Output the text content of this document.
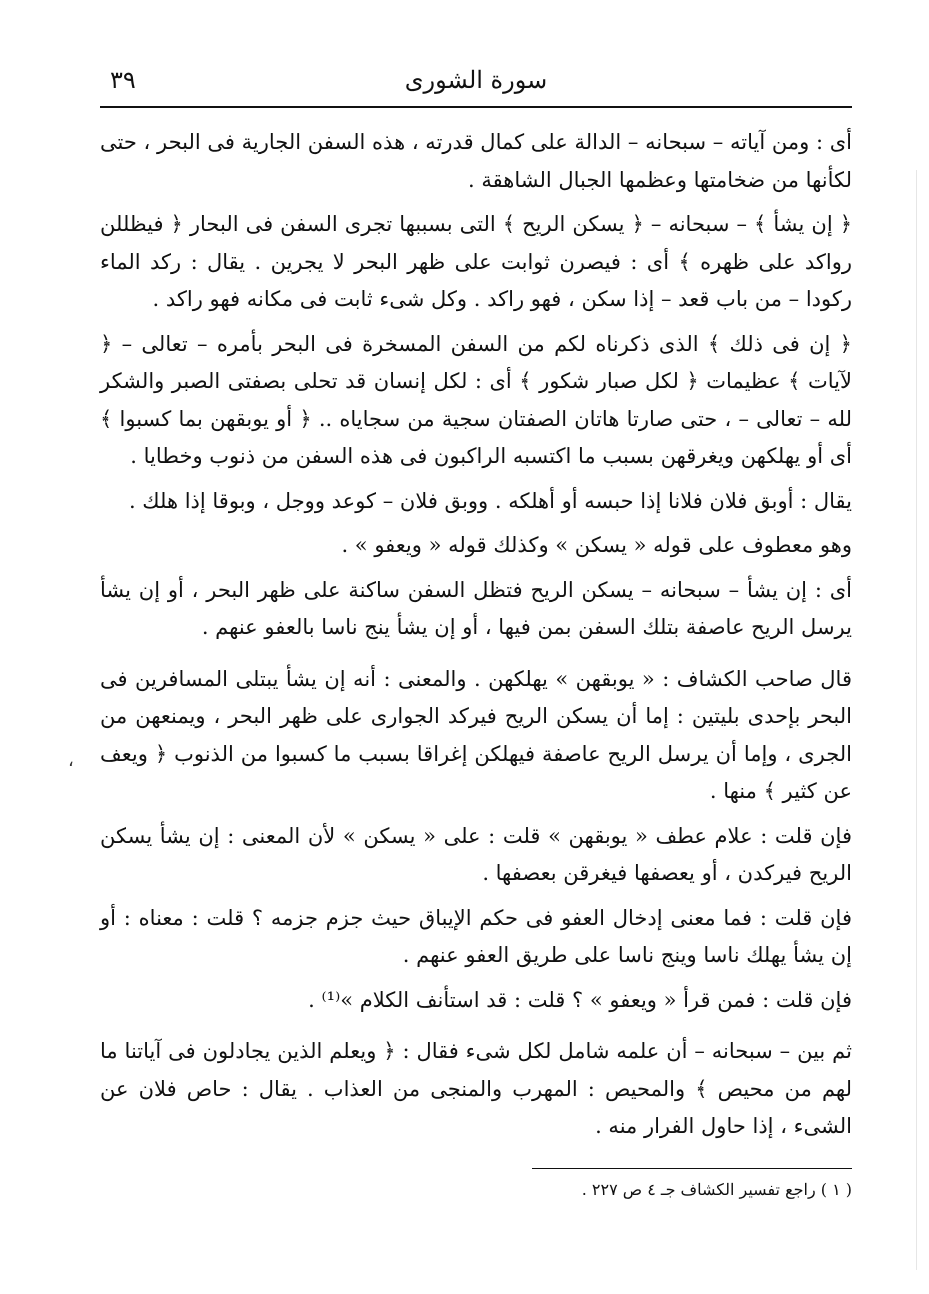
سورة الشورى
٣٩

أى : ومن آياته – سبحانه – الدالة على كمال قدرته ، هذه السفن الجارية فى البحر ، حتى لكأنها من ضخامتها وعظمها الجبال الشاهقة .

﴿ إن يشأ ﴾ – سبحانه – ﴿ يسكن الريح ﴾ التى بسببها تجرى السفن فى البحار ﴿ فيظللن رواكد على ظهره ﴾ أى : فيصرن ثوابت على ظهر البحر لا يجرين . يقال : ركد الماء ركودا – من باب قعد – إذا سكن ، فهو راكد . وكل شىء ثابت فى مكانه فهو راكد .

﴿ إن فى ذلك ﴾ الذى ذكرناه لكم من السفن المسخرة فى البحر بأمره – تعالى – ﴿ لآيات ﴾ عظيمات ﴿ لكل صبار شكور ﴾ أى : لكل إنسان قد تحلى بصفتى الصبر والشكر لله – تعالى – ، حتى صارتا هاتان الصفتان سجية من سجاياه .. ﴿ أو يوبقهن بما كسبوا ﴾ أى أو يهلكهن ويغرقهن بسبب ما اكتسبه الراكبون فى هذه السفن من ذنوب وخطايا .

يقال : أوبق فلان فلانا إذا حبسه أو أهلكه . ووبق فلان – كوعد ووجل ، وبوقا إذا هلك .

وهو معطوف على قوله « يسكن » وكذلك قوله « ويعفو » .

أى : إن يشأ – سبحانه – يسكن الريح فتظل السفن ساكنة على ظهر البحر ، أو إن يشأ يرسل الريح عاصفة بتلك السفن بمن فيها ، أو إن يشأ ينج ناسا بالعفو عنهم .

قال صاحب الكشاف : « يوبقهن » يهلكهن . والمعنى : أنه إن يشأ يبتلى المسافرين فى البحر بإحدى بليتين : إما أن يسكن الريح فيركد الجوارى على ظهر البحر ، ويمنعهن من الجرى ، وإما أن يرسل الريح عاصفة فيهلكن إغراقا بسبب ما كسبوا من الذنوب ﴿ ويعف عن كثير ﴾ منها .

فإن قلت : علام عطف « يوبقهن » قلت : على « يسكن » لأن المعنى : إن يشأ يسكن الريح فيركدن ، أو يعصفها فيغرقن بعصفها .

فإن قلت : فما معنى إدخال العفو فى حكم الإيباق حيث جزم جزمه ؟ قلت : معناه : أو إن يشأ يهلك ناسا وينج ناسا على طريق العفو عنهم .

فإن قلت : فمن قرأ « ويعفو » ؟ قلت : قد استأنف الكلام »⁽¹⁾ .

ثم بين – سبحانه – أن علمه شامل لكل شىء فقال : ﴿ ويعلم الذين يجادلون فى آياتنا ما لهم من محيص ﴾ والمحيص : المهرب والمنجى من العذاب . يقال : حاص فلان عن الشىء ، إذا حاول الفرار منه .

( ١ ) راجع تفسير الكشاف جـ ٤ ص ٢٢٧ .
،
